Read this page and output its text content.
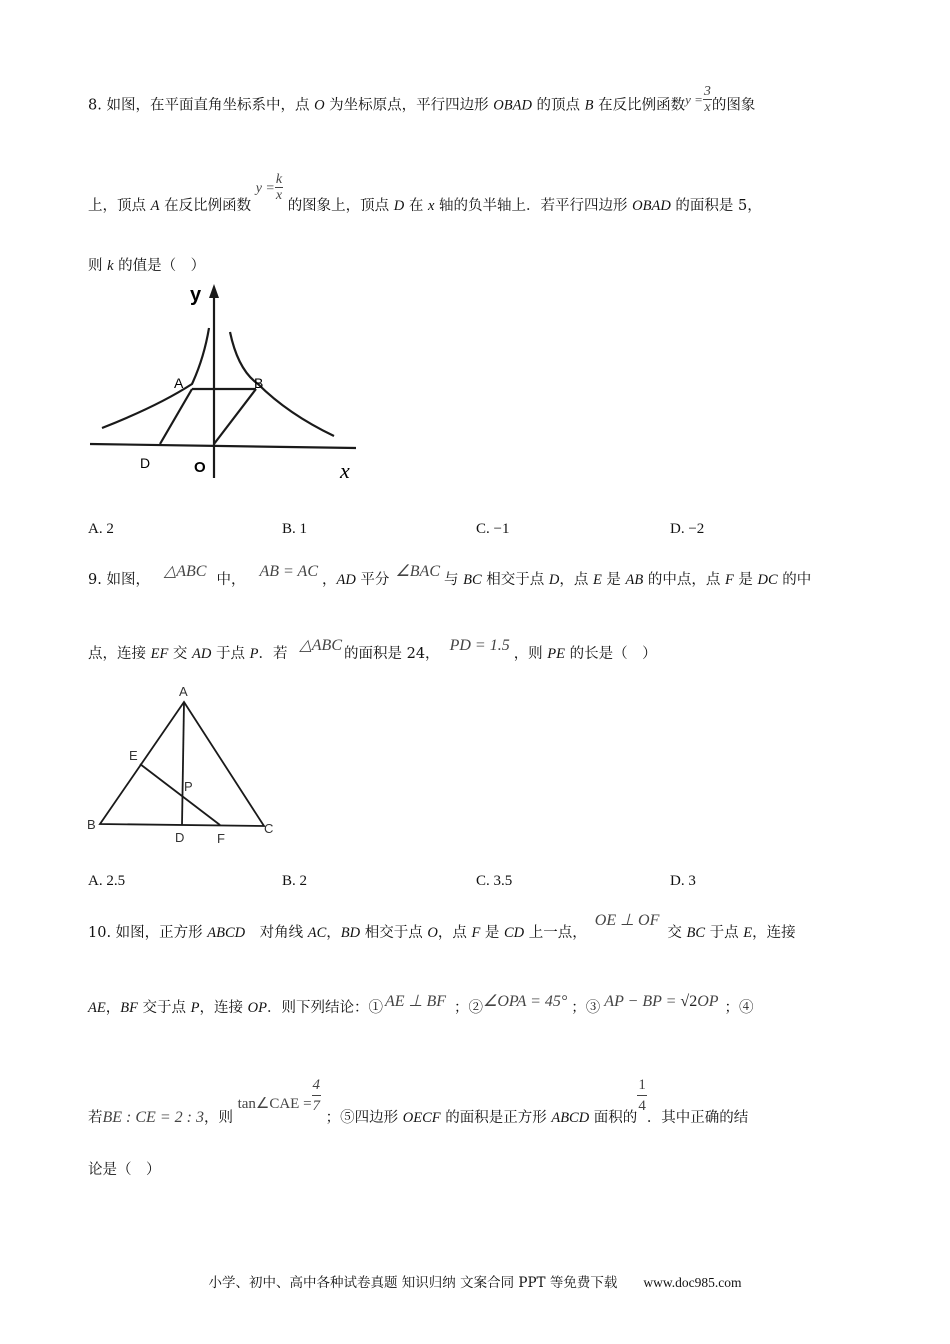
8. 如图，在平面直角坐标系中，点 O 为坐标原点，平行四边形 OBAD 的顶点 B 在反比例函数$y = \frac{3}{x}$ 的图象
上，顶点 A 在反比例函数 $y = \frac{k}{x}$
的图象上，顶点 D 在 x 轴的负半轴上．若平行四边形 OBAD 的面积是 5，
则 k 的值是（　）
y
x
A	B
D	O
A. 2	B. 1	C. −1	D. −2
9. 如图， △ABC 中， AB = AC ，AD 平分 ∠BAC 与 BC 相交于点 D，点 E 是 AB 的中点，点 F 是 DC 的中
点，连接 EF 交 AD 于点 P．若 △ABC 的面积是 24， PD = 1.5 ，则 PE 的长是（　）
A
E
P
B
D	F
C
A. 2.5	B. 2	C. 3.5	D. 3
10. 如图，正方形 ABCD　对角线 AC，BD 相交于点 O，点 F 是 CD 上一点，OE ⊥ OF交 BC 于点 E，连接
AE，BF 交于点 P，连接 OP．则下列结论：① AE ⊥ BF ；②∠OPA = 45° ；③ AP − BP = √2OP ；④
若BE : CE = 2 : 3，则 tan∠CAE = $\frac{4}{7}$
；⑤四边形 OECF 的面积是正方形 ABCD 面积的
$\frac{1}{4}$
．其中正确的结
论是（　）
小学、初中、高中各种试卷真题 知识归纳 文案合同 PPT 等免费下载 www.doc985.com
